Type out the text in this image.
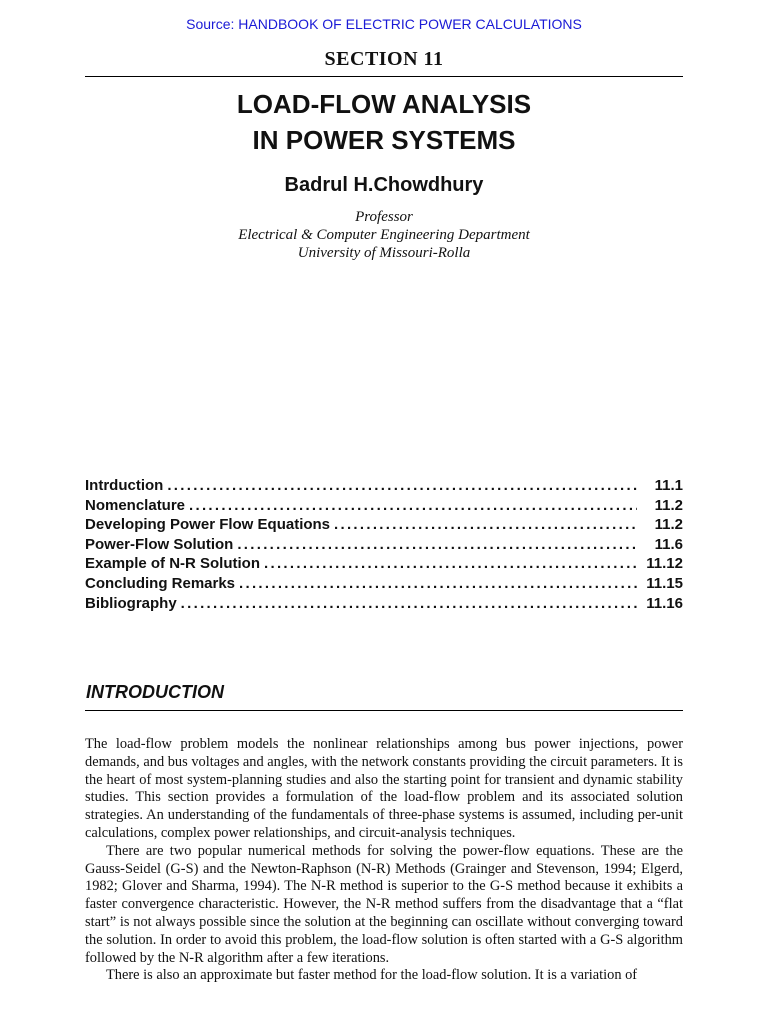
Source: HANDBOOK OF ELECTRIC POWER CALCULATIONS
SECTION 11
LOAD-FLOW ANALYSIS
IN POWER SYSTEMS
Badrul H.Chowdhury
Professor
Electrical & Computer Engineering Department
University of Missouri-Rolla
Intrduction .....	11.1
Nomenclature .....	11.2
Developing Power Flow Equations .....	11.2
Power-Flow Solution .....	11.6
Example of N-R Solution .....	11.12
Concluding Remarks .....	11.15
Bibliography .....	11.16
INTRODUCTION

The load-flow problem models the nonlinear relationships among bus power injections, power demands, and bus voltages and angles, with the network constants providing the circuit parameters. It is the heart of most system-planning studies and also the starting point for transient and dynamic stability studies. This section provides a formulation of the load-flow problem and its associated solution strategies. An understanding of the fundamentals of three-phase systems is assumed, including per-unit calculations, complex power relationships, and circuit-analysis techniques.

There are two popular numerical methods for solving the power-flow equations. These are the Gauss-Seidel (G-S) and the Newton-Raphson (N-R) Methods (Grainger and Stevenson, 1994; Elgerd, 1982; Glover and Sharma, 1994). The N-R method is superior to the G-S method because it exhibits a faster convergence characteristic. However, the N-R method suffers from the disadvantage that a “flat start” is not always possible since the solution at the beginning can oscillate without converging toward the solution. In order to avoid this problem, the load-flow solution is often started with a G-S algorithm followed by the N-R algorithm after a few iterations.

There is also an approximate but faster method for the load-flow solution. It is a variation of
